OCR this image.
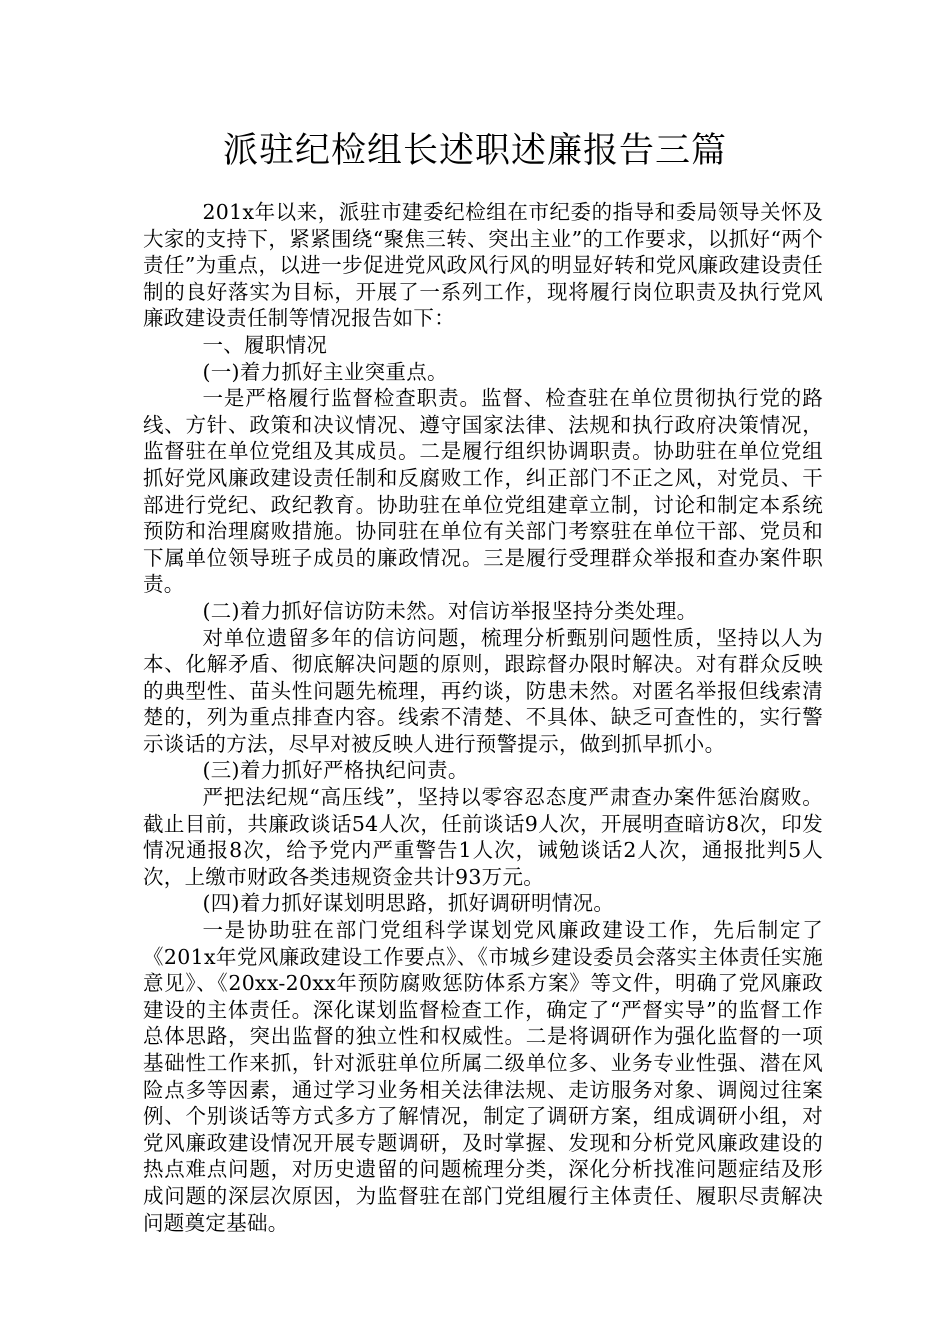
派驻纪检组长述职述廉报告三篇

201x年以来，派驻市建委纪检组在市纪委的指导和委局领导关怀及大家的支持下，紧紧围绕“聚焦三转、突出主业”的工作要求，以抓好“两个责任”为重点，以进一步促进党风政风行风的明显好转和党风廉政建设责任制的良好落实为目标，开展了一系列工作，现将履行岗位职责及执行党风廉政建设责任制等情况报告如下：

一、履职情况

(一)着力抓好主业突重点。

一是严格履行监督检查职责。监督、检查驻在单位贯彻执行党的路线、方针、政策和决议情况、遵守国家法律、法规和执行政府决策情况，监督驻在单位党组及其成员。二是履行组织协调职责。协助驻在单位党组抓好党风廉政建设责任制和反腐败工作，纠正部门不正之风，对党员、干部进行党纪、政纪教育。协助驻在单位党组建章立制，讨论和制定本系统预防和治理腐败措施。协同驻在单位有关部门考察驻在单位干部、党员和下属单位领导班子成员的廉政情况。三是履行受理群众举报和查办案件职责。

(二)着力抓好信访防未然。对信访举报坚持分类处理。

对单位遗留多年的信访问题，梳理分析甄别问题性质，坚持以人为本、化解矛盾、彻底解决问题的原则，跟踪督办限时解决。对有群众反映的典型性、苗头性问题先梳理，再约谈，防患未然。对匿名举报但线索清楚的，列为重点排查内容。线索不清楚、不具体、缺乏可查性的，实行警示谈话的方法，尽早对被反映人进行预警提示，做到抓早抓小。

(三)着力抓好严格执纪问责。

严把法纪规“高压线”，坚持以零容忍态度严肃查办案件惩治腐败。截止目前，共廉政谈话54人次，任前谈话9人次，开展明查暗访8次，印发情况通报8次，给予党内严重警告1人次，诫勉谈话2人次，通报批判5人次，上缴市财政各类违规资金共计93万元。

(四)着力抓好谋划明思路，抓好调研明情况。

一是协助驻在部门党组科学谋划党风廉政建设工作，先后制定了《201x年党风廉政建设工作要点》、《市城乡建设委员会落实主体责任实施意见》、《20xx-20xx年预防腐败惩防体系方案》等文件，明确了党风廉政建设的主体责任。深化谋划监督检查工作，确定了“严督实导”的监督工作总体思路，突出监督的独立性和权威性。二是将调研作为强化监督的一项基础性工作来抓，针对派驻单位所属二级单位多、业务专业性强、潜在风险点多等因素，通过学习业务相关法律法规、走访服务对象、调阅过往案例、个别谈话等方式多方了解情况，制定了调研方案，组成调研小组，对党风廉政建设情况开展专题调研，及时掌握、发现和分析党风廉政建设的热点难点问题，对历史遗留的问题梳理分类，深化分析找准问题症结及形成问题的深层次原因，为监督驻在部门党组履行主体责任、履职尽责解决问题奠定基础。
